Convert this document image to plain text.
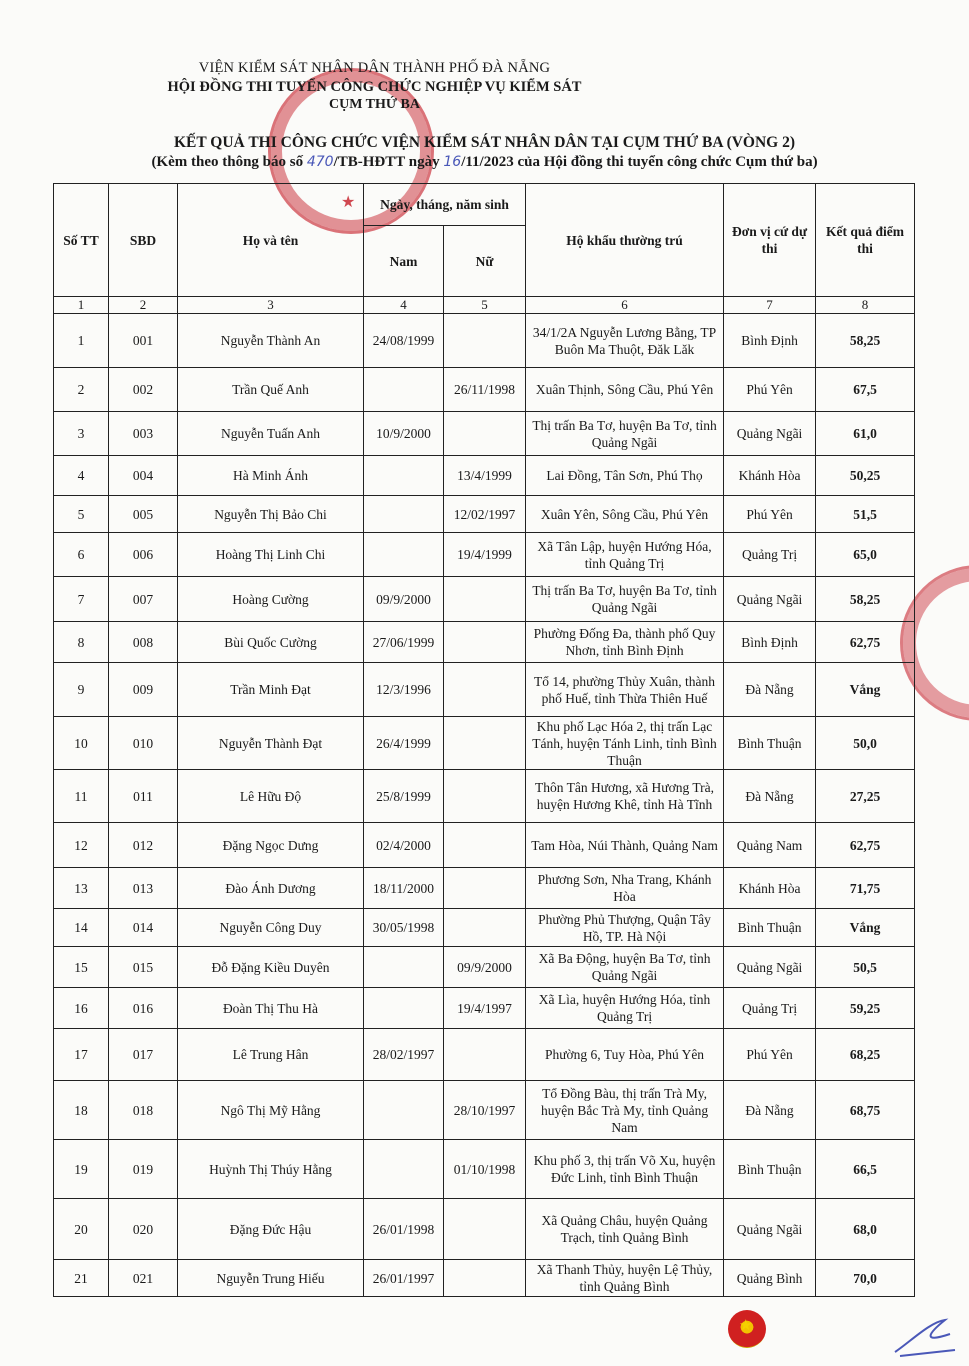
★
VIỆN KIỂM SÁT NHÂN DÂN THÀNH PHỐ ĐÀ NẴNG
HỘI ĐỒNG THI TUYỂN CÔNG CHỨC NGHIỆP VỤ KIỂM SÁT
CỤM THỨ BA
KẾT QUẢ THI CÔNG CHỨC VIỆN KIỂM SÁT NHÂN DÂN TẠI CỤM THỨ BA (VÒNG 2)
(Kèm theo thông báo số 470/TB-HĐTT ngày 16/11/2023 của Hội đồng thi tuyển công chức Cụm thứ ba)
Số TT	SBD	Họ và tên	Ngày, tháng, năm sinh		Hộ khẩu thường trú	Đơn vị cứ dự thi	Kết quả điểm thi
			Nam	Nữ			
1	2	3	4	5	6	7	8
1	001	Nguyễn Thành An	24/08/1999		34/1/2A Nguyễn Lương Bằng, TP Buôn Ma Thuột, Đăk Lăk	Bình Định	58,25
2	002	Trần Quế Anh		26/11/1998	Xuân Thịnh, Sông Cầu, Phú Yên	Phú Yên	67,5
3	003	Nguyễn Tuấn Anh	10/9/2000		Thị trấn Ba Tơ, huyện Ba Tơ, tỉnh Quảng Ngãi	Quảng Ngãi	61,0
4	004	Hà Minh Ánh		13/4/1999	Lai Đồng, Tân Sơn, Phú Thọ	Khánh Hòa	50,25
5	005	Nguyễn Thị Bảo Chi		12/02/1997	Xuân Yên, Sông Cầu, Phú Yên	Phú Yên	51,5
6	006	Hoàng Thị Linh Chi		19/4/1999	Xã Tân Lập, huyện Hướng Hóa, tỉnh Quảng Trị	Quảng Trị	65,0
7	007	Hoàng Cường	09/9/2000		Thị trấn Ba Tơ, huyện Ba Tơ, tỉnh Quảng Ngãi	Quảng Ngãi	58,25
8	008	Bùi Quốc Cường	27/06/1999		Phường Đống Đa, thành phố Quy Nhơn, tỉnh Bình Định	Bình Định	62,75
9	009	Trần Minh Đạt	12/3/1996		Tổ 14, phường Thủy Xuân, thành phố Huế, tỉnh Thừa Thiên Huế	Đà Nẵng	Vắng
10	010	Nguyễn Thành Đạt	26/4/1999		Khu phố Lạc Hóa 2, thị trấn Lạc Tánh, huyện Tánh Linh, tỉnh Bình Thuận	Bình Thuận	50,0
11	011	Lê Hữu Độ	25/8/1999		Thôn Tân Hương, xã Hương Trà, huyện Hương Khê, tỉnh Hà Tĩnh	Đà Nẵng	27,25
12	012	Đặng Ngọc Dưng	02/4/2000		Tam Hòa, Núi Thành, Quảng Nam	Quảng Nam	62,75
13	013	Đào Ánh Dương	18/11/2000		Phương Sơn, Nha Trang, Khánh Hòa	Khánh Hòa	71,75
14	014	Nguyễn Công Duy	30/05/1998		Phường Phủ Thượng, Quận Tây Hồ, TP. Hà Nội	Bình Thuận	Vắng
15	015	Đỗ Đặng Kiều Duyên		09/9/2000	Xã Ba Động, huyện Ba Tơ, tỉnh Quảng Ngãi	Quảng Ngãi	50,5
16	016	Đoàn Thị Thu Hà		19/4/1997	Xã Lìa, huyện Hướng Hóa, tỉnh Quảng Trị	Quảng Trị	59,25
17	017	Lê Trung Hân	28/02/1997		Phường 6, Tuy Hòa, Phú Yên	Phú Yên	68,25
18	018	Ngô Thị Mỹ Hằng		28/10/1997	Tổ Đồng Bàu, thị trấn Trà My, huyện Bắc Trà My, tỉnh Quảng Nam	Đà Nẵng	68,75
19	019	Huỳnh Thị Thúy Hằng		01/10/1998	Khu phố 3, thị trấn Võ Xu, huyện Đức Linh, tỉnh Bình Thuận	Bình Thuận	66,5
20	020	Đặng Đức Hậu	26/01/1998		Xã Quảng Châu, huyện Quảng Trạch, tỉnh Quảng Bình	Quảng Ngãi	68,0
21	021	Nguyễn Trung Hiếu	26/01/1997		Xã Thanh Thủy, huyện Lệ Thủy, tỉnh Quảng Bình	Quảng Bình	70,0
★
